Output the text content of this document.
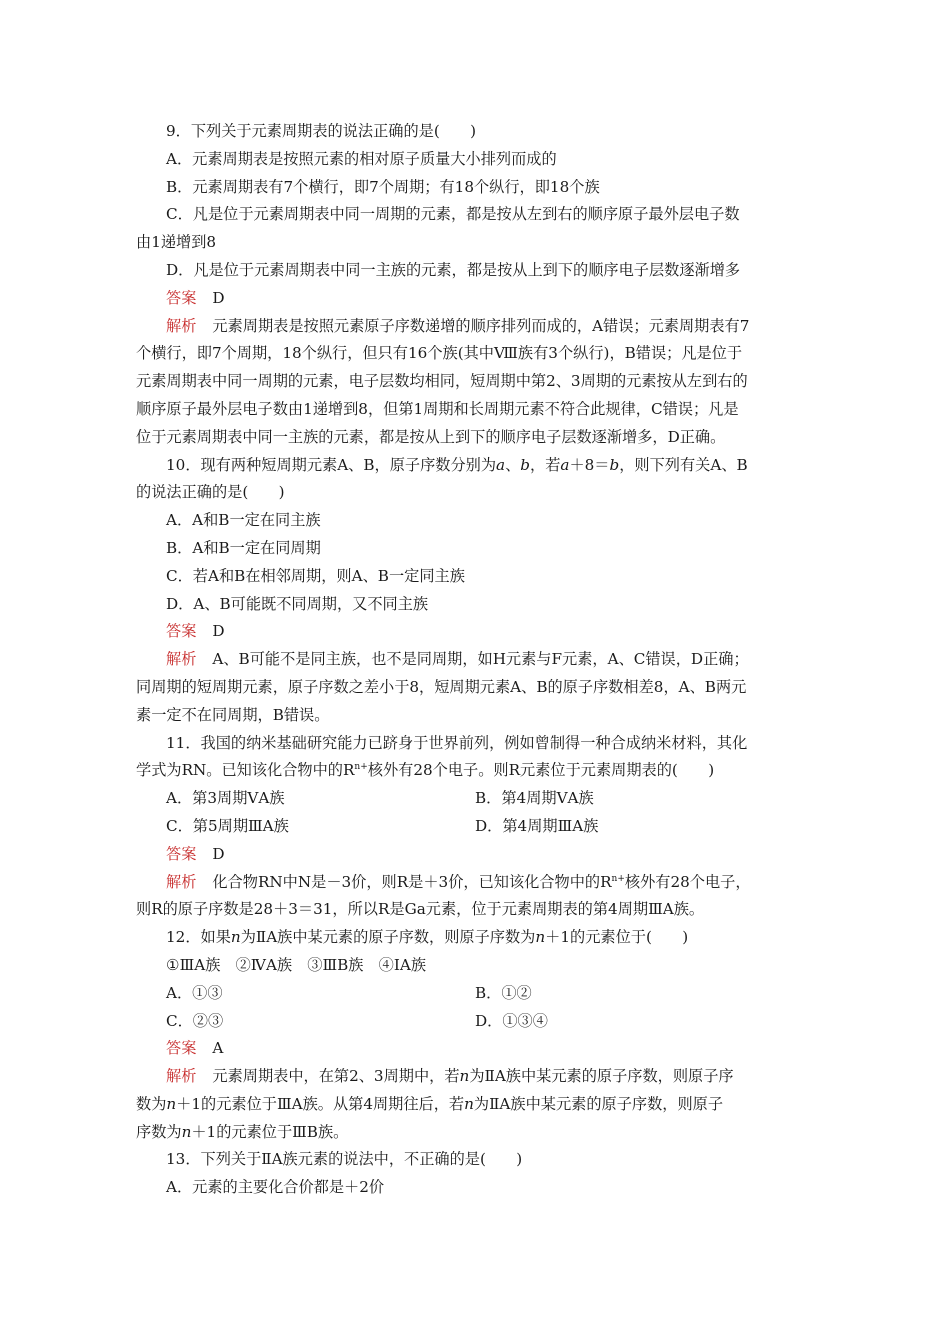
9．下列关于元素周期表的说法正确的是(　　)
A．元素周期表是按照元素的相对原子质量大小排列而成的
B．元素周期表有7个横行，即7个周期；有18个纵行，即18个族
C．凡是位于元素周期表中同一周期的元素，都是按从左到右的顺序原子最外层电子数
由1递增到8
D．凡是位于元素周期表中同一主族的元素，都是按从上到下的顺序电子层数逐渐增多
答案 D
解析 元素周期表是按照元素原子序数递增的顺序排列而成的，A错误；元素周期表有7
个横行，即7个周期，18个纵行，但只有16个族(其中Ⅷ族有3个纵行)，B错误；凡是位于
元素周期表中同一周期的元素，电子层数均相同，短周期中第2、3周期的元素按从左到右的
顺序原子最外层电子数由1递增到8，但第1周期和长周期元素不符合此规律，C错误；凡是
位于元素周期表中同一主族的元素，都是按从上到下的顺序电子层数逐渐增多，D正确。
10．现有两种短周期元素A、B，原子序数分别为a、b，若a＋8＝b，则下列有关A、B
的说法正确的是(　　)
A．A和B一定在同主族
B．A和B一定在同周期
C．若A和B在相邻周期，则A、B一定同主族
D．A、B可能既不同周期，又不同主族
答案 D
解析 A、B可能不是同主族，也不是同周期，如H元素与F元素，A、C错误，D正确；
同周期的短周期元素，原子序数之差小于8，短周期元素A、B的原子序数相差8，A、B两元
素一定不在同周期，B错误。
11．我国的纳米基础研究能力已跻身于世界前列，例如曾制得一种合成纳米材料，其化
学式为RN。已知该化合物中的$R^{n+}$核外有28个电子。则R元素位于元素周期表的(　　)
A．第3周期ⅤA族	B．第4周期ⅤA族
C．第5周期ⅢA族	D．第4周期ⅢA族
答案 D
解析 化合物RN中N是－3价，则R是＋3价，已知该化合物中的$R^{n+}$核外有28个电子，
则R的原子序数是28＋3＝31，所以R是Ga元素，位于元素周期表的第4周期ⅢA族。
12．如果n为ⅡA族中某元素的原子序数，则原子序数为n＋1的元素位于(　　)
①ⅢA族　②ⅣA族　③ⅢB族　④ⅠA族
A．①③	B．①②
C．②③	D．①③④
答案 A
解析 元素周期表中，在第2、3周期中，若n为ⅡA族中某元素的原子序数，则原子序
数为n＋1的元素位于ⅢA族。从第4周期往后，若n为ⅡA族中某元素的原子序数，则原子
序数为n＋1的元素位于ⅢB族。
13．下列关于ⅡA族元素的说法中，不正确的是(　　)
A．元素的主要化合价都是＋2价
